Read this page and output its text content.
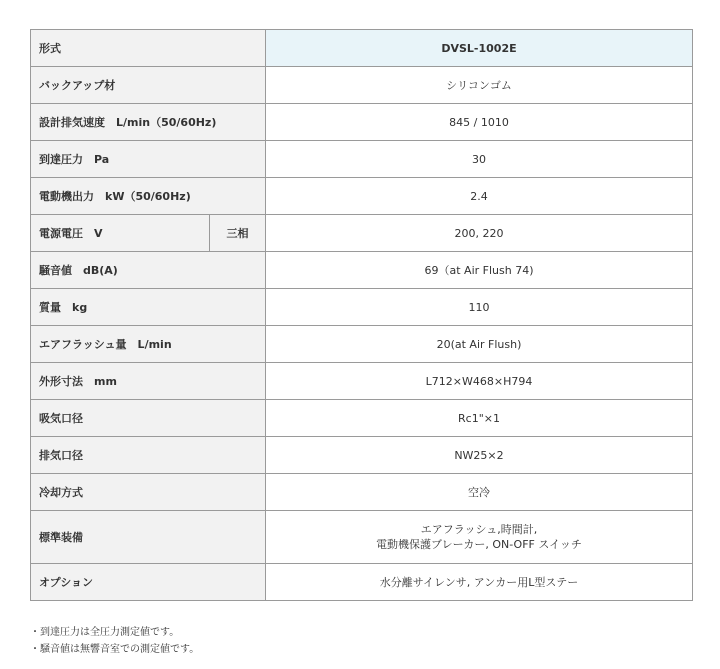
形式		DVSL-1002E
バックアップ材		シリコンゴム
設計排気速度　L/min（50/60Hz)		845 / 1010
到達圧力　Pa		30
電動機出力　kW（50/60Hz)		2.4
電源電圧　V	三相	200, 220
騒音値　dB(A)		69（at Air Flush 74)
質量　kg		110
エアフラッシュ量　L/min		20(at Air Flush)
外形寸法　mm		L712×W468×H794
吸気口径		Rc1"×1
排気口径		NW25×2
冷却方式		空冷
標準装備		エアフラッシュ,時間計,
電動機保護ブレーカー, ON-OFF スイッチ

オプション		水分離サイレンサ, アンカー用L型ステー
・到達圧力は全圧力測定値です。
・騒音値は無響音室での測定値です。
